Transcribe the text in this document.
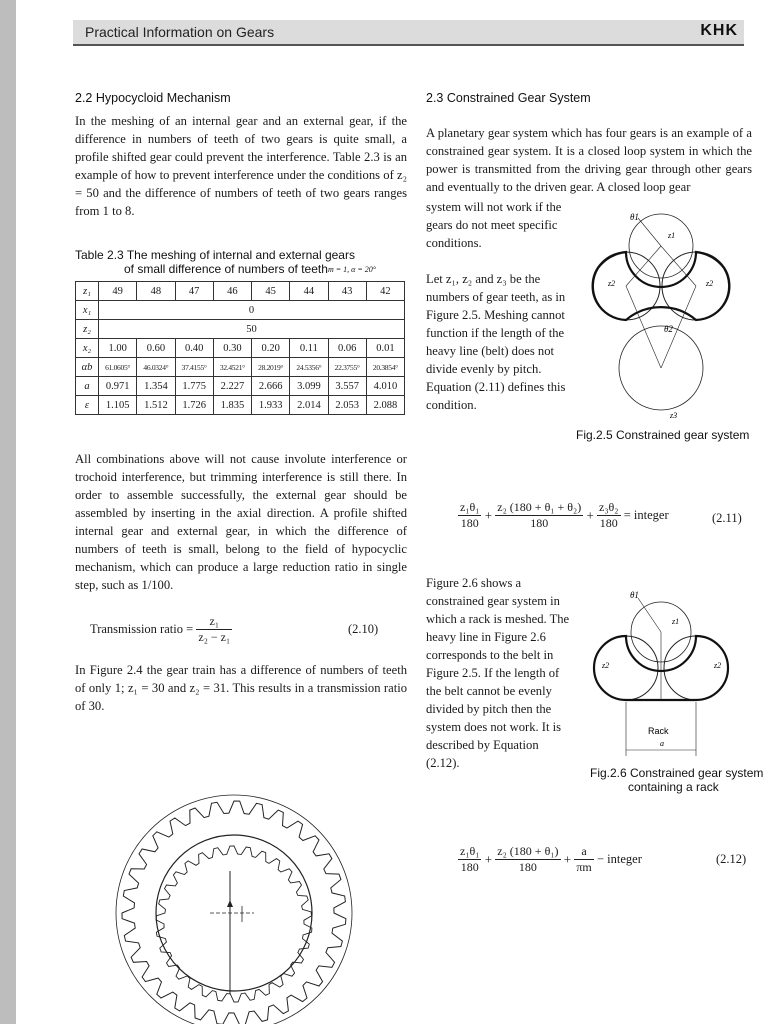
Practical Information on Gears	KHK
2.2 Hypocycloid Mechanism
In the meshing of an internal gear and an external gear, if the difference in numbers of teeth of two gears is quite small, a profile shifted gear could prevent the interference. Table 2.3 is an example of how to prevent interference under the conditions of z₂ = 50 and the difference of numbers of teeth of two gears ranges from 1 to 8.
Table 2.3 The meshing of internal and external gears
of small difference of numbers of teeth m = 1, α = 20°
z₁	49	48	47	46	45	44	43	42
x₁	0							
z₂	50							
x₂	1.00	0.60	0.40	0.30	0.20	0.11	0.06	0.01
αb	61.0605°	46.0324°	37.4155°	32.4521°	28.2019°	24.5356°	22.3755°	20.3854°
a	0.971	1.354	1.775	2.227	2.666	3.099	3.557	4.010
ε	1.105	1.512	1.726	1.835	1.933	2.014	2.053	2.088
All combinations above will not cause involute interference or trochoid interference, but trimming interference is still there. In order to assemble successfully, the external gear should be assembled by inserting in the axial direction. A profile shifted internal gear and external gear, in which the difference of numbers of teeth is small, belong to the field of hypocyclic mechanism, which can produce a large reduction ratio in single step, such as 1/100.
Transmission ratio = $\frac{\text{z₁}}{\text{z₂ − z₁}}$	(2.10)
In Figure 2.4 the gear train has a difference of numbers of teeth of only 1; z₁ = 30 and z₂ = 31. This results in a transmission ratio of 30.
2.3 Constrained Gear System
A planetary gear system which has four gears is an example of a constrained gear system. It is a closed loop system in which the power is transmitted from the driving gear through other gears and eventually to the driven gear. A closed loop gear
system will not work if the gears do not meet specific conditions.
θ1
z1
z2	z2
θ2
z3
Let z₁, z₂ and z₃ be the numbers of gear teeth, as in Figure 2.5. Meshing cannot function if the length of the heavy line (belt) does not divide evenly by pitch. Equation (2.11) defines this condition.
Fig.2.5 Constrained gear system
$\frac{\text{z₁θ₁}}{180} + \frac{\text{z₂ (180 + θ₁ + θ₂)}}{180} + \frac{\text{z₃θ₂}}{180}$ = integer	(2.11)
Figure 2.6 shows a constrained gear system in which a rack is meshed. The heavy line in Figure 2.6 corresponds to the belt in Figure 2.5. If the length of the belt cannot be evenly divided by pitch then the system does not work. It is described by Equation (2.12).
θ1
z1
z2	z2
Rack
a
Fig.2.6 Constrained gear system
containing a rack
$\frac{\text{z₁θ₁}}{180} + \frac{\text{z₂ (180 + θ₁)}}{180} + \frac{a}{\pi m}$ − integer	(2.12)
